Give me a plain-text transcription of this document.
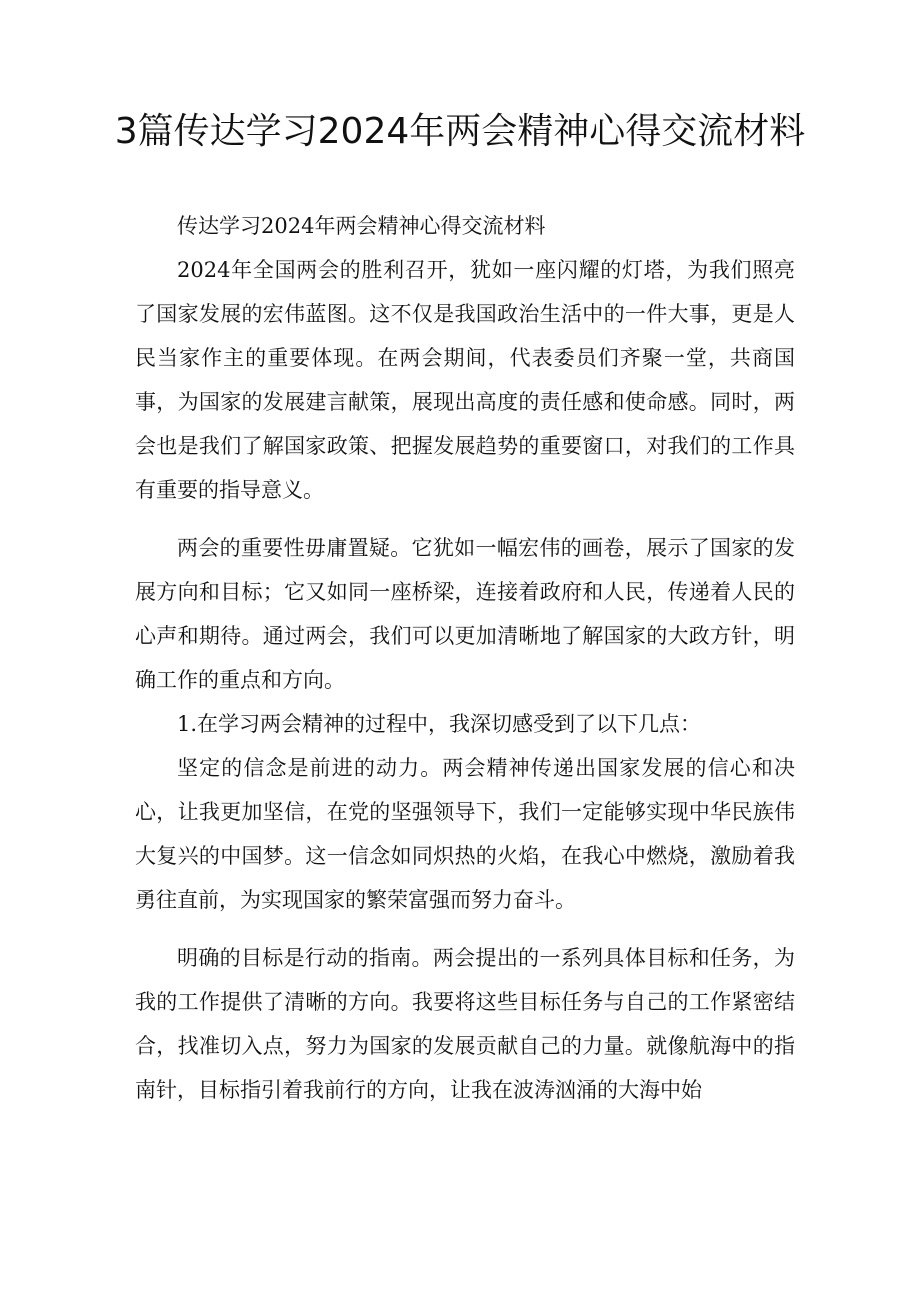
3篇传达学习2024年两会精神心得交流材料

传达学习2024年两会精神心得交流材料

2024年全国两会的胜利召开，犹如一座闪耀的灯塔，为我们照亮了国家发展的宏伟蓝图。这不仅是我国政治生活中的一件大事，更是人民当家作主的重要体现。在两会期间，代表委员们齐聚一堂，共商国事，为国家的发展建言献策，展现出高度的责任感和使命感。同时，两会也是我们了解国家政策、把握发展趋势的重要窗口，对我们的工作具有重要的指导意义。

两会的重要性毋庸置疑。它犹如一幅宏伟的画卷，展示了国家的发展方向和目标；它又如同一座桥梁，连接着政府和人民，传递着人民的心声和期待。通过两会，我们可以更加清晰地了解国家的大政方针，明确工作的重点和方向。

1.在学习两会精神的过程中，我深切感受到了以下几点：

坚定的信念是前进的动力。两会精神传递出国家发展的信心和决心，让我更加坚信，在党的坚强领导下，我们一定能够实现中华民族伟大复兴的中国梦。这一信念如同炽热的火焰，在我心中燃烧，激励着我勇往直前，为实现国家的繁荣富强而努力奋斗。

明确的目标是行动的指南。两会提出的一系列具体目标和任务，为我的工作提供了清晰的方向。我要将这些目标任务与自己的工作紧密结合，找准切入点，努力为国家的发展贡献自己的力量。就像航海中的指南针，目标指引着我前行的方向，让我在波涛汹涌的大海中始
